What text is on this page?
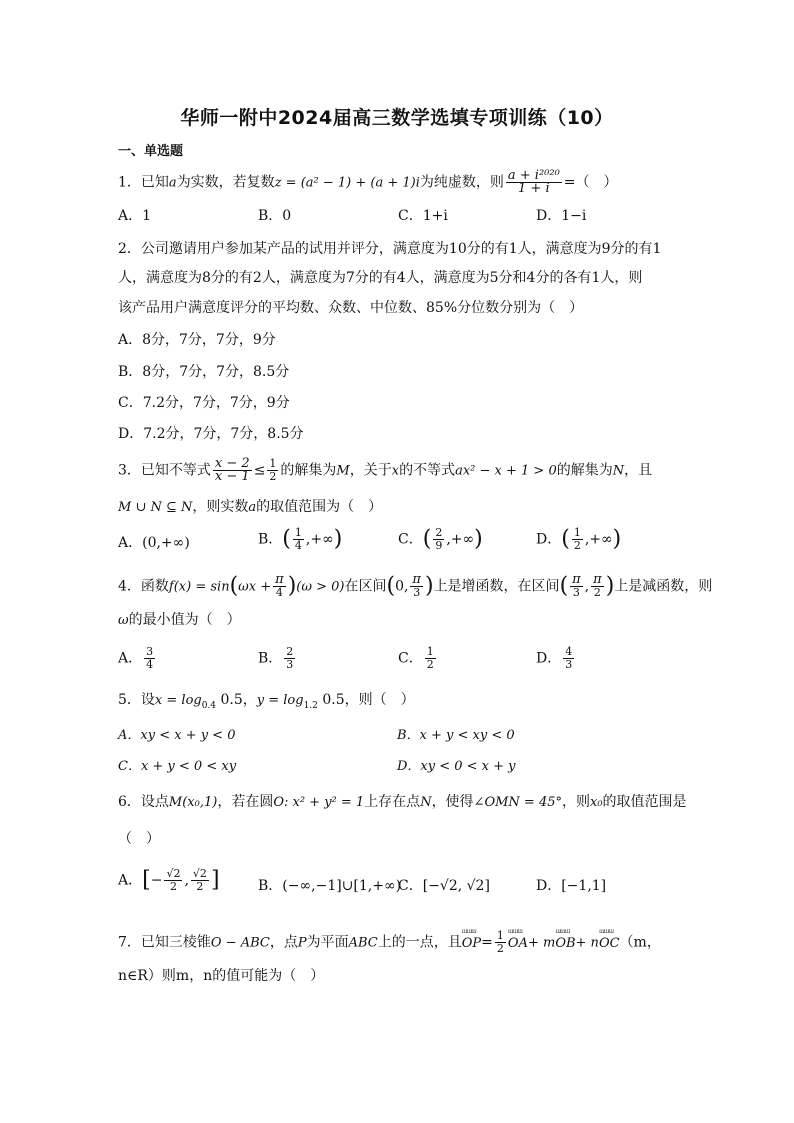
华师一附中2024届高三数学选填专项训练（10）
一、单选题
1．已知a为实数，若复数z = (a² − 1) + (a + 1)i为纯虚数，则 $\frac{\text{a + i²⁰²⁰}}{1 + i}$ =（　）
A．1	B．0	C．1+i	D．1−i
2．公司邀请用户参加某产品的试用并评分，满意度为10分的有1人，满意度为9分的有1
人，满意度为8分的有2人，满意度为7分的有4人，满意度为5分和4分的各有1人，则
该产品用户满意度评分的平均数、众数、中位数、85%分位数分别为（　）
A．8分，7分，7分，9分
B．8分，7分，7分，8.5分
C．7.2分，7分，7分，9分
D．7.2分，7分，7分，8.5分
3．已知不等式 $\frac{x - 2}{x - 1} \le \frac{1}{2}$ 的解集为M，关于x的不等式ax² − x + 1 > 0的解集为N，且
M ∪ N ⊆ N，则实数a的取值范围为（　）
A．(0,+∞)	B．( $\frac{1}{4}$ ,+∞)	C．( $\frac{2}{9}$ ,+∞)	D．( $\frac{1}{2}$ ,+∞)
4．函数$f(x) = \sin(\omega x + \frac{\pi}{4} )(\omega > 0)$在区间(0, $\frac{\pi}{3}$ )上是增函数，在区间( $\frac{\pi}{3}$ , $\frac{\pi}{2}$ )上是减函数，则
ω的最小值为（　）
A． $\frac{3}{4}$	B． $\frac{2}{3}$	C． $\frac{1}{2}$	D． $\frac{4}{3}$
5．设$x = \log_{0.4} 0.5$，$y = \log_{1.2} 0.5$，则（　）
A．xy < x + y < 0	B．x + y < xy < 0
C．x + y < 0 < xy	D．xy < 0 < x + y
6．设点M(x₀,1)，若在圆O: x² + y² = 1上存在点N，使得∠OMN = 45°，则x₀的取值范围是
（　）
A．[− $\frac{√2}{2}$ , $\frac{√2}{2}$ ]	B．(−∞,−1]∪[1,+∞)
C．[−√2, √2]	D．[−1,1]
7．已知三棱锥O − ABC，点P为平面ABC上的一点，且ɯɯɯ $OP= \frac{1}{2}$
ɯɯɯ OA+ mɯɯɯ OB+ nɯɯɯ OC（m，
n∈R）则m，n的值可能为（　）
